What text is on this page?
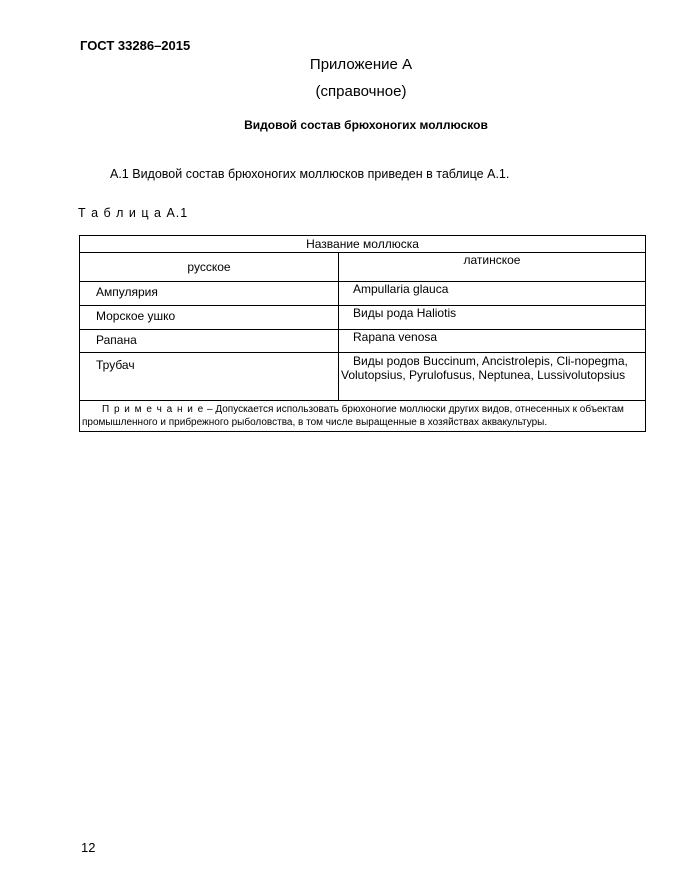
ГОСТ 33286–2015
Приложение А
(справочное)
Видовой состав брюхоногих моллюсков
А.1 Видовой состав брюхоногих моллюсков приведен в таблице А.1.
Т а б л и ц а А.1
Название моллюска	
русское	латинское
Ампулярия	Ampullaria glauca
Морское ушко	Виды рода Haliotis
Рапана	Rapana venosa
Трубач	Виды родов Buccinum, Ancistrolepis, Cli-nopegma, Volutopsius, Pyrulofusus, Neptunea, Lussivolutopsius
П р и м е ч а н и е – Допускается использовать брюхоногие моллюски других видов, отнесенных к объектам промышленного и прибрежного рыболовства, в том числе выращенные в хозяйствах аквакультуры.	
12
